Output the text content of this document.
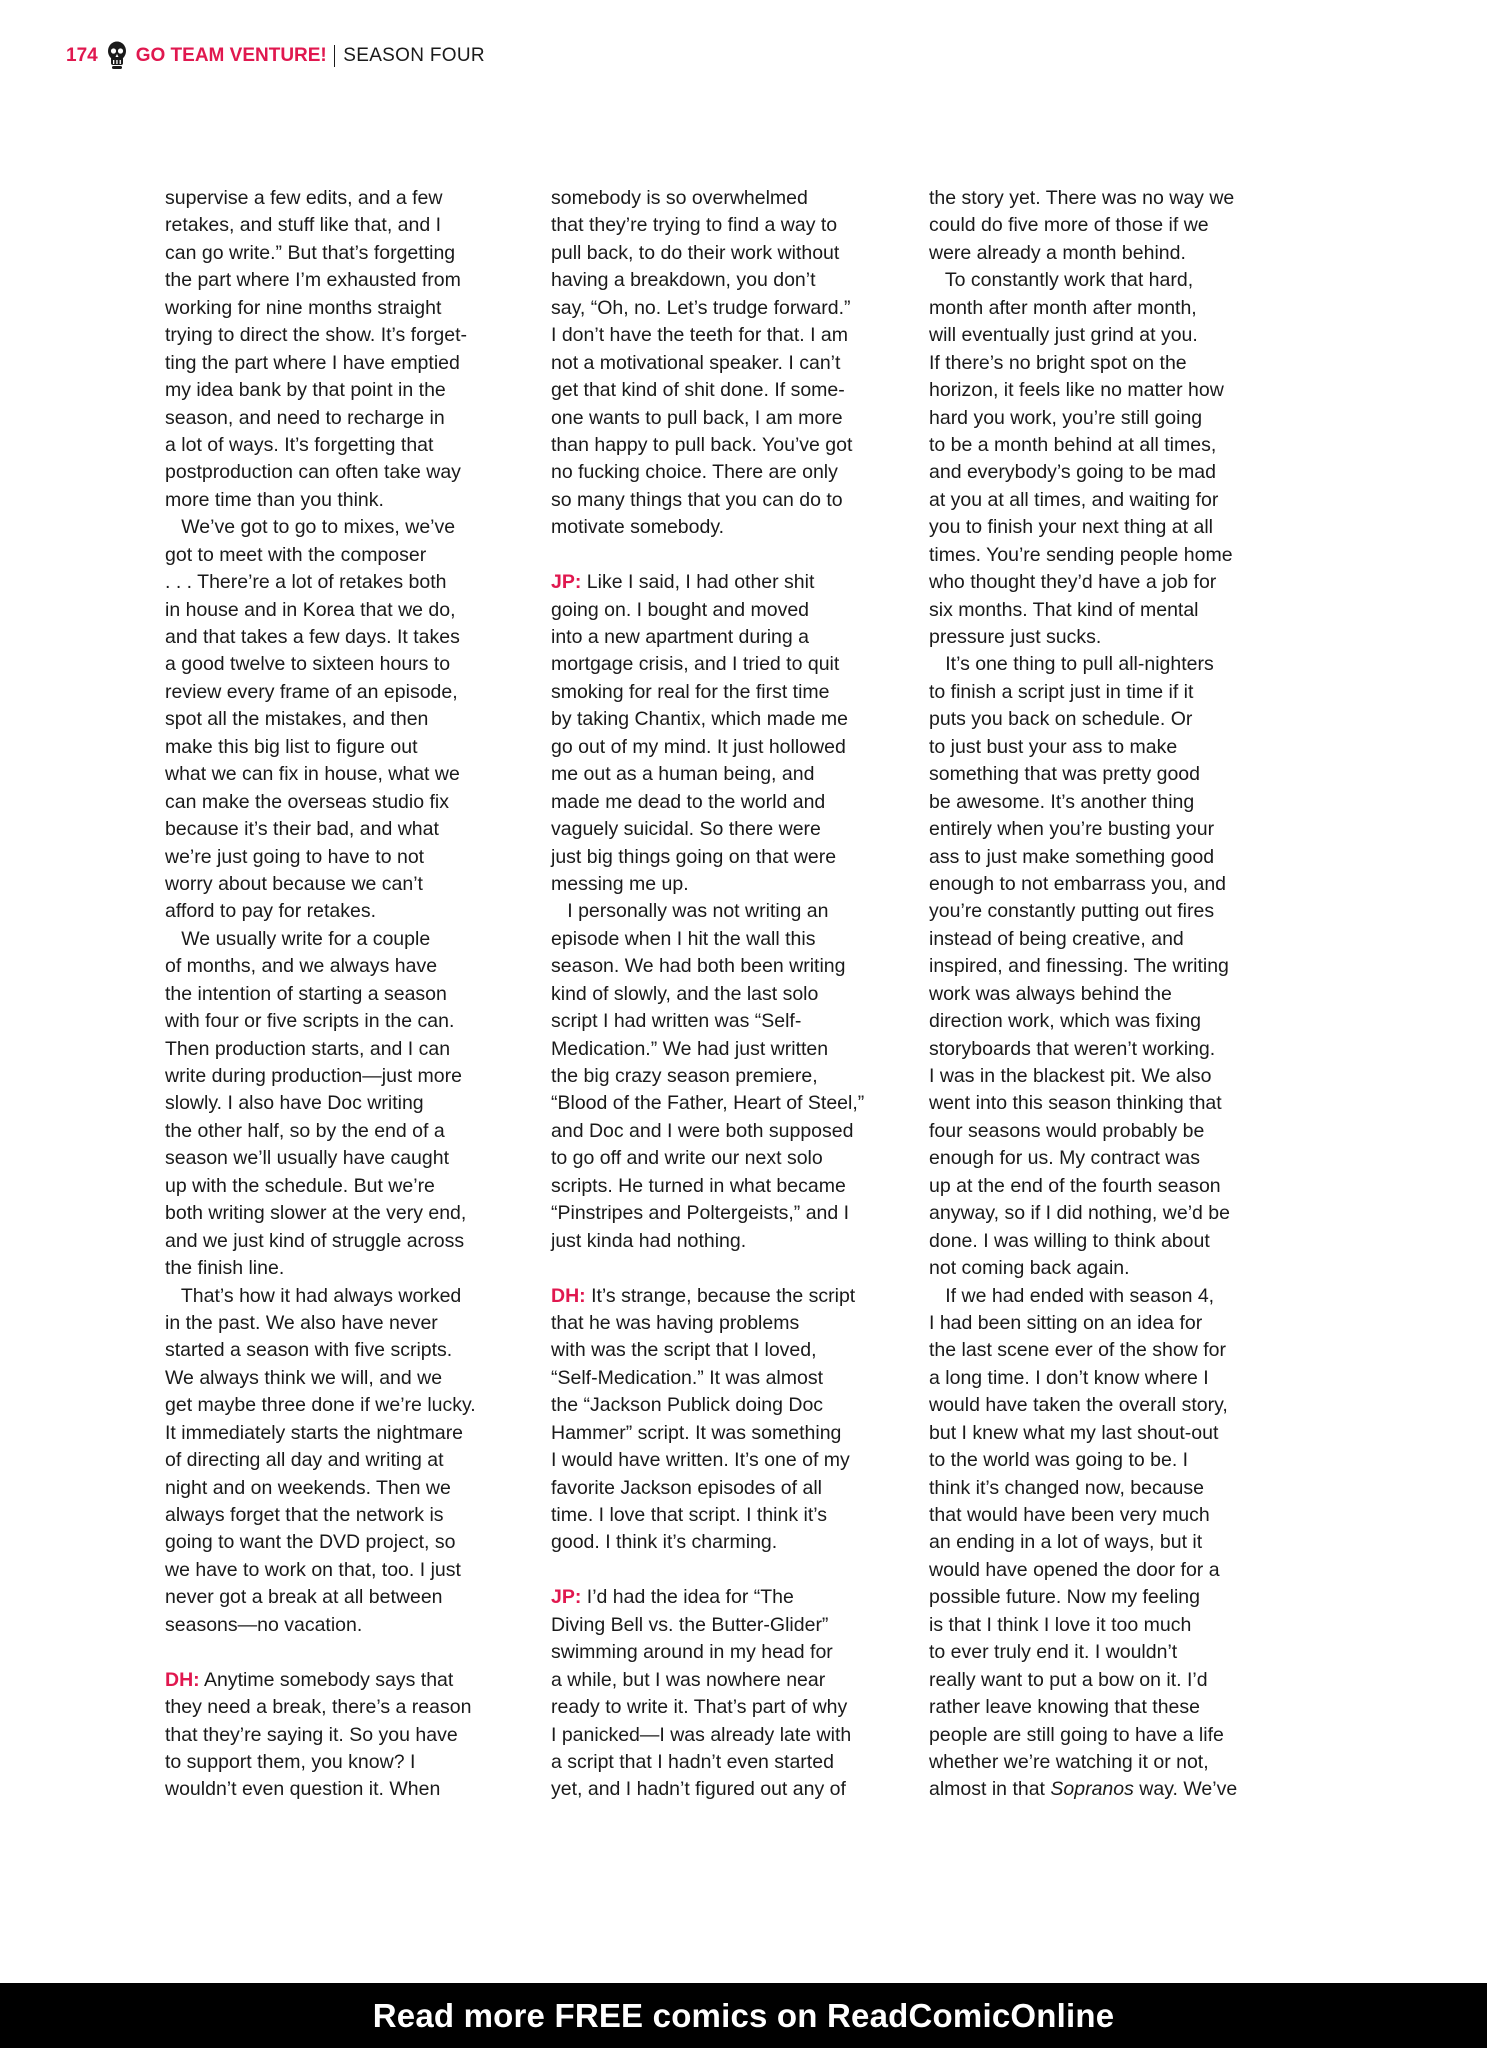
174 GO TEAM VENTURE! SEASON FOUR
supervise a few edits, and a few
retakes, and stuff like that, and I
can go write.” But that’s forgetting
the part where I’m exhausted from
working for nine months straight
trying to direct the show. It’s forget-
ting the part where I have emptied
my idea bank by that point in the
season, and need to recharge in
a lot of ways. It’s forgetting that
postproduction can often take way
more time than you think.
We’ve got to go to mixes, we’ve
got to meet with the composer
. . . There’re a lot of retakes both
in house and in Korea that we do,
and that takes a few days. It takes
a good twelve to sixteen hours to
review every frame of an episode,
spot all the mistakes, and then
make this big list to figure out
what we can fix in house, what we
can make the overseas studio fix
because it’s their bad, and what
we’re just going to have to not
worry about because we can’t
afford to pay for retakes.
We usually write for a couple
of months, and we always have
the intention of starting a season
with four or five scripts in the can.
Then production starts, and I can
write during production—just more
slowly. I also have Doc writing
the other half, so by the end of a
season we’ll usually have caught
up with the schedule. But we’re
both writing slower at the very end,
and we just kind of struggle across
the finish line.
That’s how it had always worked
in the past. We also have never
started a season with five scripts.
We always think we will, and we
get maybe three done if we’re lucky.
It immediately starts the nightmare
of directing all day and writing at
night and on weekends. Then we
always forget that the network is
going to want the DVD project, so
we have to work on that, too. I just
never got a break at all between
seasons—no vacation.
DH: Anytime somebody says that
they need a break, there’s a reason
that they’re saying it. So you have
to support them, you know? I
wouldn’t even question it. When
somebody is so overwhelmed
that they’re trying to find a way to
pull back, to do their work without
having a breakdown, you don’t
say, “Oh, no. Let’s trudge forward.”
I don’t have the teeth for that. I am
not a motivational speaker. I can’t
get that kind of shit done. If some-
one wants to pull back, I am more
than happy to pull back. You’ve got
no fucking choice. There are only
so many things that you can do to
motivate somebody.
JP: Like I said, I had other shit
going on. I bought and moved
into a new apartment during a
mortgage crisis, and I tried to quit
smoking for real for the first time
by taking Chantix, which made me
go out of my mind. It just hollowed
me out as a human being, and
made me dead to the world and
vaguely suicidal. So there were
just big things going on that were
messing me up.
I personally was not writing an
episode when I hit the wall this
season. We had both been writing
kind of slowly, and the last solo
script I had written was “Self-
Medication.” We had just written
the big crazy season premiere,
“Blood of the Father, Heart of Steel,”
and Doc and I were both supposed
to go off and write our next solo
scripts. He turned in what became
“Pinstripes and Poltergeists,” and I
just kinda had nothing.
DH: It’s strange, because the script
that he was having problems
with was the script that I loved,
“Self-Medication.” It was almost
the “Jackson Publick doing Doc
Hammer” script. It was something
I would have written. It’s one of my
favorite Jackson episodes of all
time. I love that script. I think it’s
good. I think it’s charming.
JP: I’d had the idea for “The
Diving Bell vs. the Butter-Glider”
swimming around in my head for
a while, but I was nowhere near
ready to write it. That’s part of why
I panicked—I was already late with
a script that I hadn’t even started
yet, and I hadn’t figured out any of
the story yet. There was no way we
could do five more of those if we
were already a month behind.
To constantly work that hard,
month after month after month,
will eventually just grind at you.
If there’s no bright spot on the
horizon, it feels like no matter how
hard you work, you’re still going
to be a month behind at all times,
and everybody’s going to be mad
at you at all times, and waiting for
you to finish your next thing at all
times. You’re sending people home
who thought they’d have a job for
six months. That kind of mental
pressure just sucks.
It’s one thing to pull all-nighters
to finish a script just in time if it
puts you back on schedule. Or
to just bust your ass to make
something that was pretty good
be awesome. It’s another thing
entirely when you’re busting your
ass to just make something good
enough to not embarrass you, and
you’re constantly putting out fires
instead of being creative, and
inspired, and finessing. The writing
work was always behind the
direction work, which was fixing
storyboards that weren’t working.
I was in the blackest pit. We also
went into this season thinking that
four seasons would probably be
enough for us. My contract was
up at the end of the fourth season
anyway, so if I did nothing, we’d be
done. I was willing to think about
not coming back again.
If we had ended with season 4,
I had been sitting on an idea for
the last scene ever of the show for
a long time. I don’t know where I
would have taken the overall story,
but I knew what my last shout-out
to the world was going to be. I
think it’s changed now, because
that would have been very much
an ending in a lot of ways, but it
would have opened the door for a
possible future. Now my feeling
is that I think I love it too much
to ever truly end it. I wouldn’t
really want to put a bow on it. I’d
rather leave knowing that these
people are still going to have a life
whether we’re watching it or not,
almost in that Sopranos way. We’ve
Read more FREE comics on ReadComicOnline
